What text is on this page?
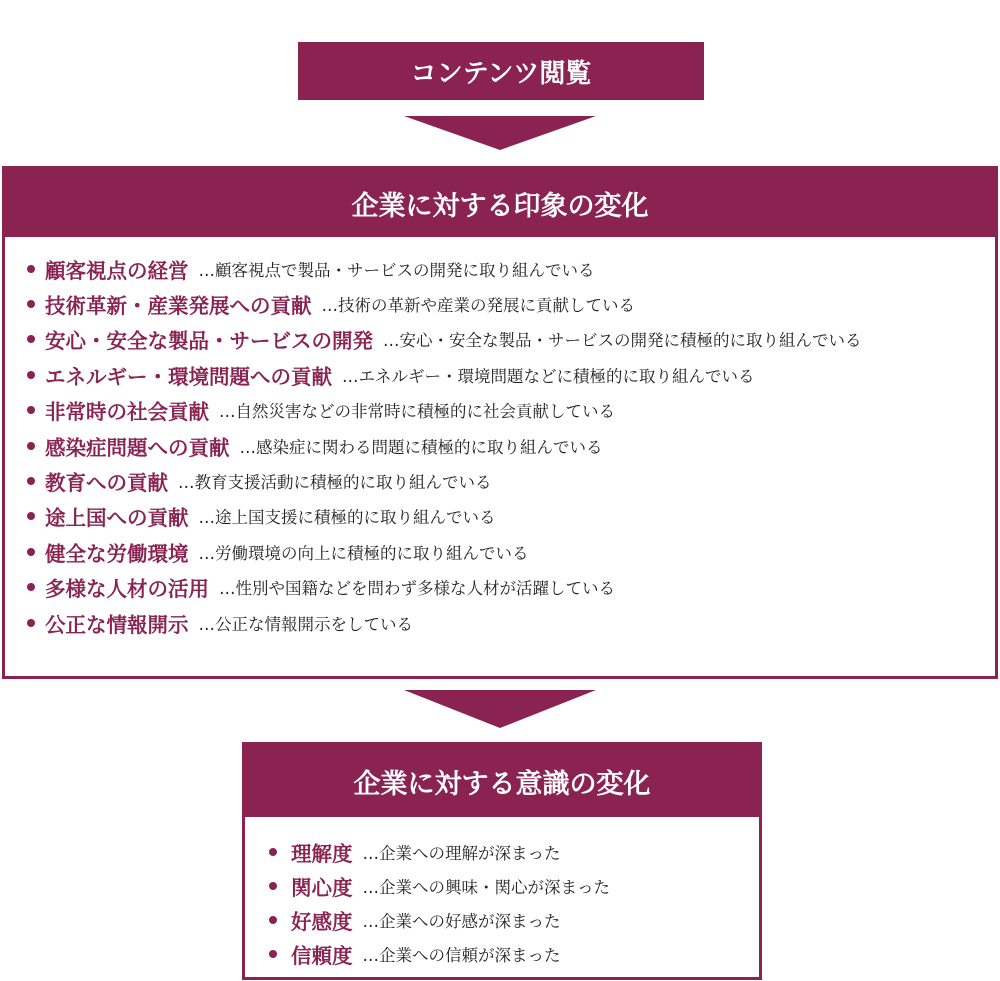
コンテンツ閲覧
企業に対する印象の変化
顧客視点の経営 …顧客視点で製品・サービスの開発に取り組んでいる
技術革新・産業発展への貢献 …技術の革新や産業の発展に貢献している
安心・安全な製品・サービスの開発 …安心・安全な製品・サービスの開発に積極的に取り組んでいる
エネルギー・環境問題への貢献 …エネルギー・環境問題などに積極的に取り組んでいる
非常時の社会貢献 …自然災害などの非常時に積極的に社会貢献している
感染症問題への貢献 …感染症に関わる問題に積極的に取り組んでいる
教育への貢献 …教育支援活動に積極的に取り組んでいる
途上国への貢献 …途上国支援に積極的に取り組んでいる
健全な労働環境 …労働環境の向上に積極的に取り組んでいる
多様な人材の活用 …性別や国籍などを問わず多様な人材が活躍している
公正な情報開示 …公正な情報開示をしている
企業に対する意識の変化
理解度 …企業への理解が深まった
関心度 …企業への興味・関心が深まった
好感度 …企業への好感が深まった
信頼度 …企業への信頼が深まった
